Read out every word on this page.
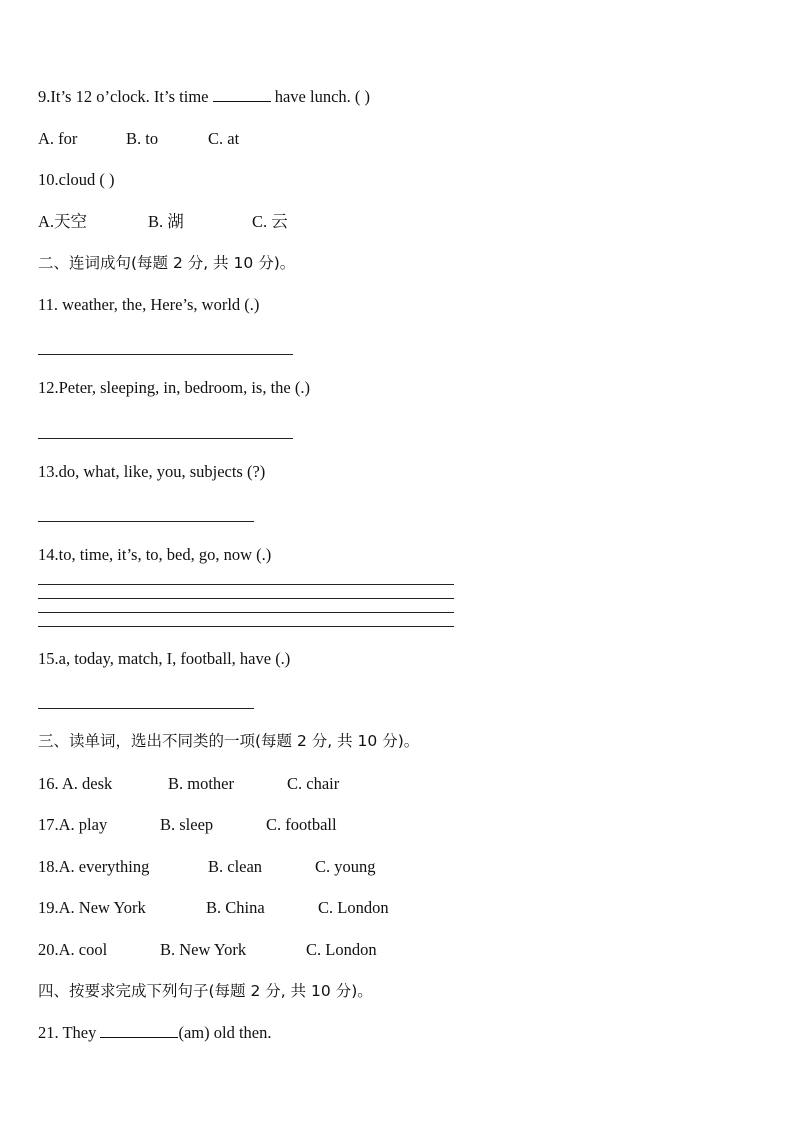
9.It’s 12 o’clock. It’s time	have lunch. ( )
A. for	B. to	C. at
10.cloud ( )
A.天空	B. 湖	C. 云
二、连词成句(每题 2 分, 共 10 分)。
11. weather, the, Here’s, world (.)
12.Peter, sleeping, in, bedroom, is, the (.)
13.do, what, like, you, subjects (?)
14.to, time, it’s, to, bed, go, now (.)
15.a, today, match, I, football, have (.)
三、读单词，选出不同类的一项(每题 2 分, 共 10 分)。
16. A. desk	B. mother	C. chair
17.A. play	B. sleep	C. football
18.A. everything	B. clean	C. young
19.A. New York	B. China	C. London
20.A. cool	B. New York	C. London
四、按要求完成下列句子(每题 2 分, 共 10 分)。
21. They	(am) old then.
